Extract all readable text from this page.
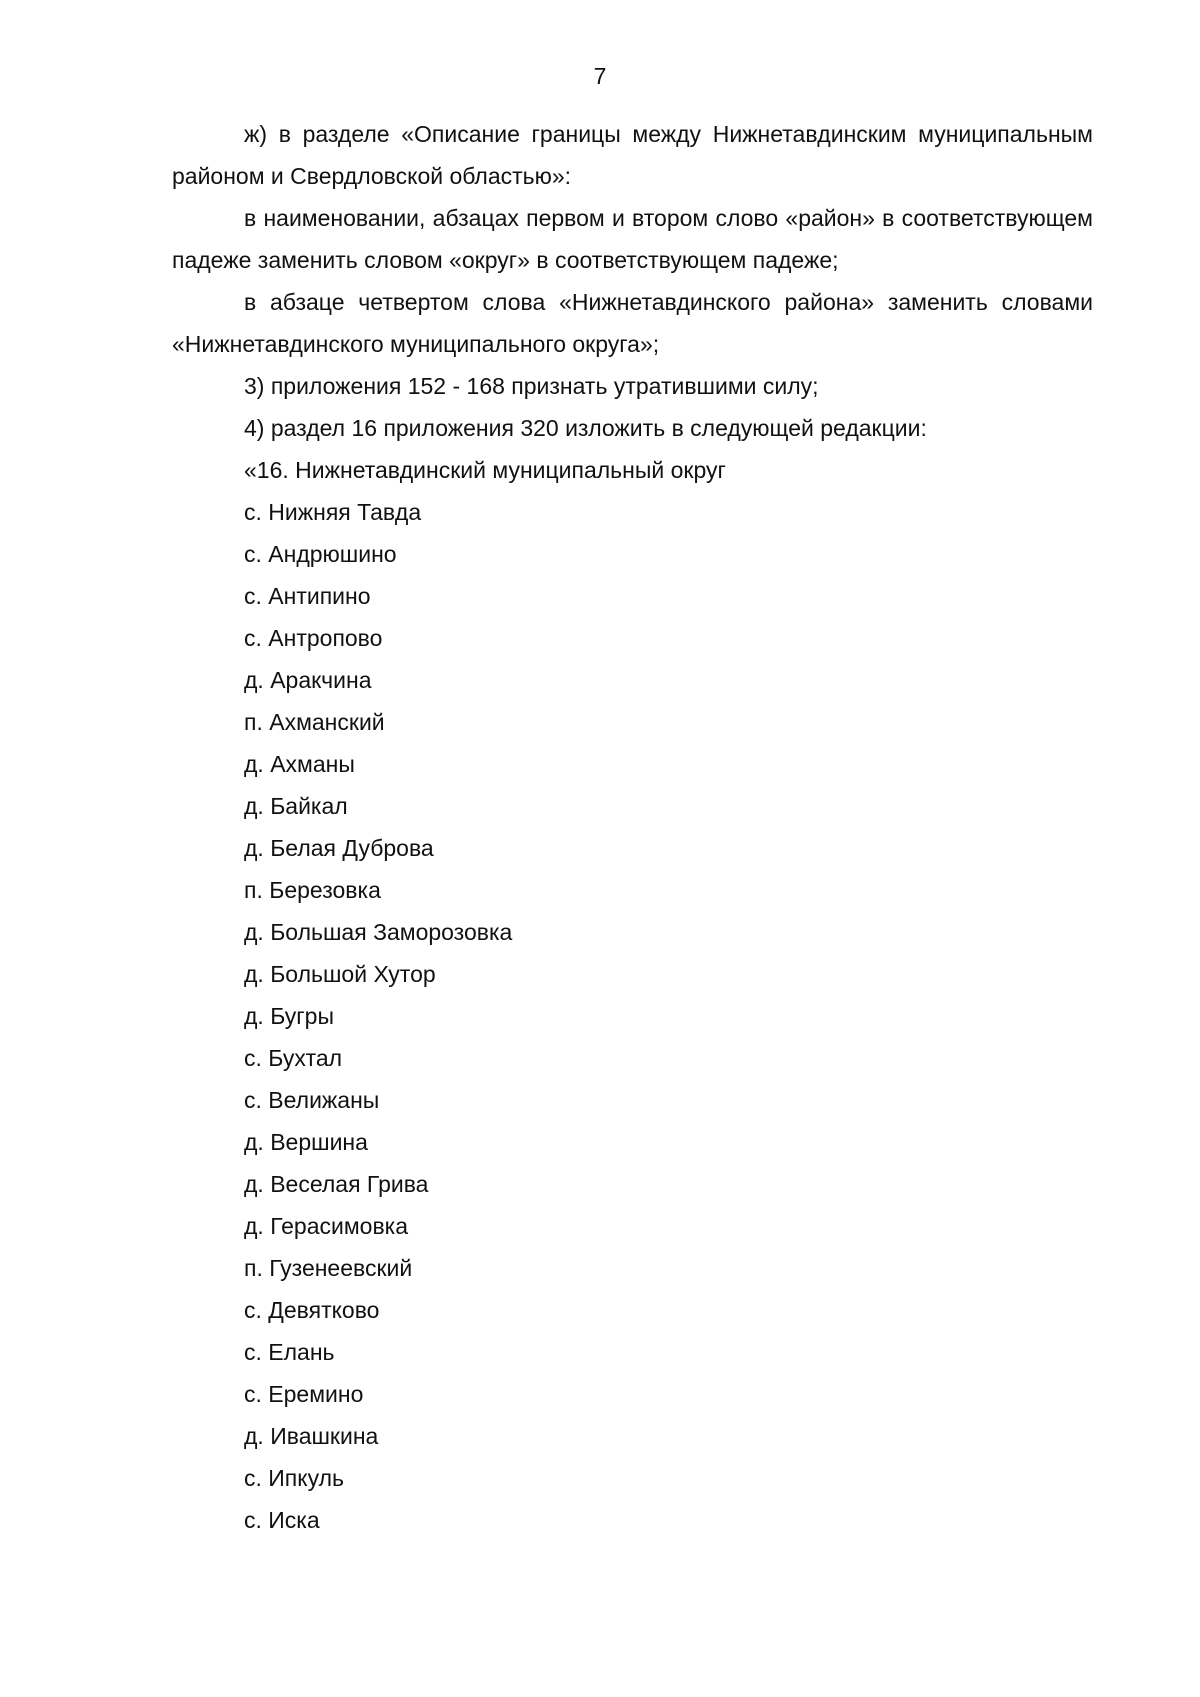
7

ж) в разделе «Описание границы между Нижнетавдинским муниципальным районом и Свердловской областью»:

в наименовании, абзацах первом и втором слово «район» в соответствующем падеже заменить словом «округ» в соответствующем падеже;

в абзаце четвертом слова «Нижнетавдинского района» заменить словами «Нижнетавдинского муниципального округа»;

3) приложения 152 - 168 признать утратившими силу;
4) раздел 16 приложения 320 изложить в следующей редакции:
«16. Нижнетавдинский муниципальный округ
с. Нижняя Тавда
с. Андрюшино
с. Антипино
с. Антропово
д. Аракчина
п. Ахманский
д. Ахманы
д. Байкал
д. Белая Дуброва
п. Березовка
д. Большая Заморозовка
д. Большой Хутор
д. Бугры
с. Бухтал
с. Велижаны
д. Вершина
д. Веселая Грива
д. Герасимовка
п. Гузенеевский
с. Девятково
с. Елань
с. Еремино
д. Ивашкина
с. Ипкуль
с. Иска
